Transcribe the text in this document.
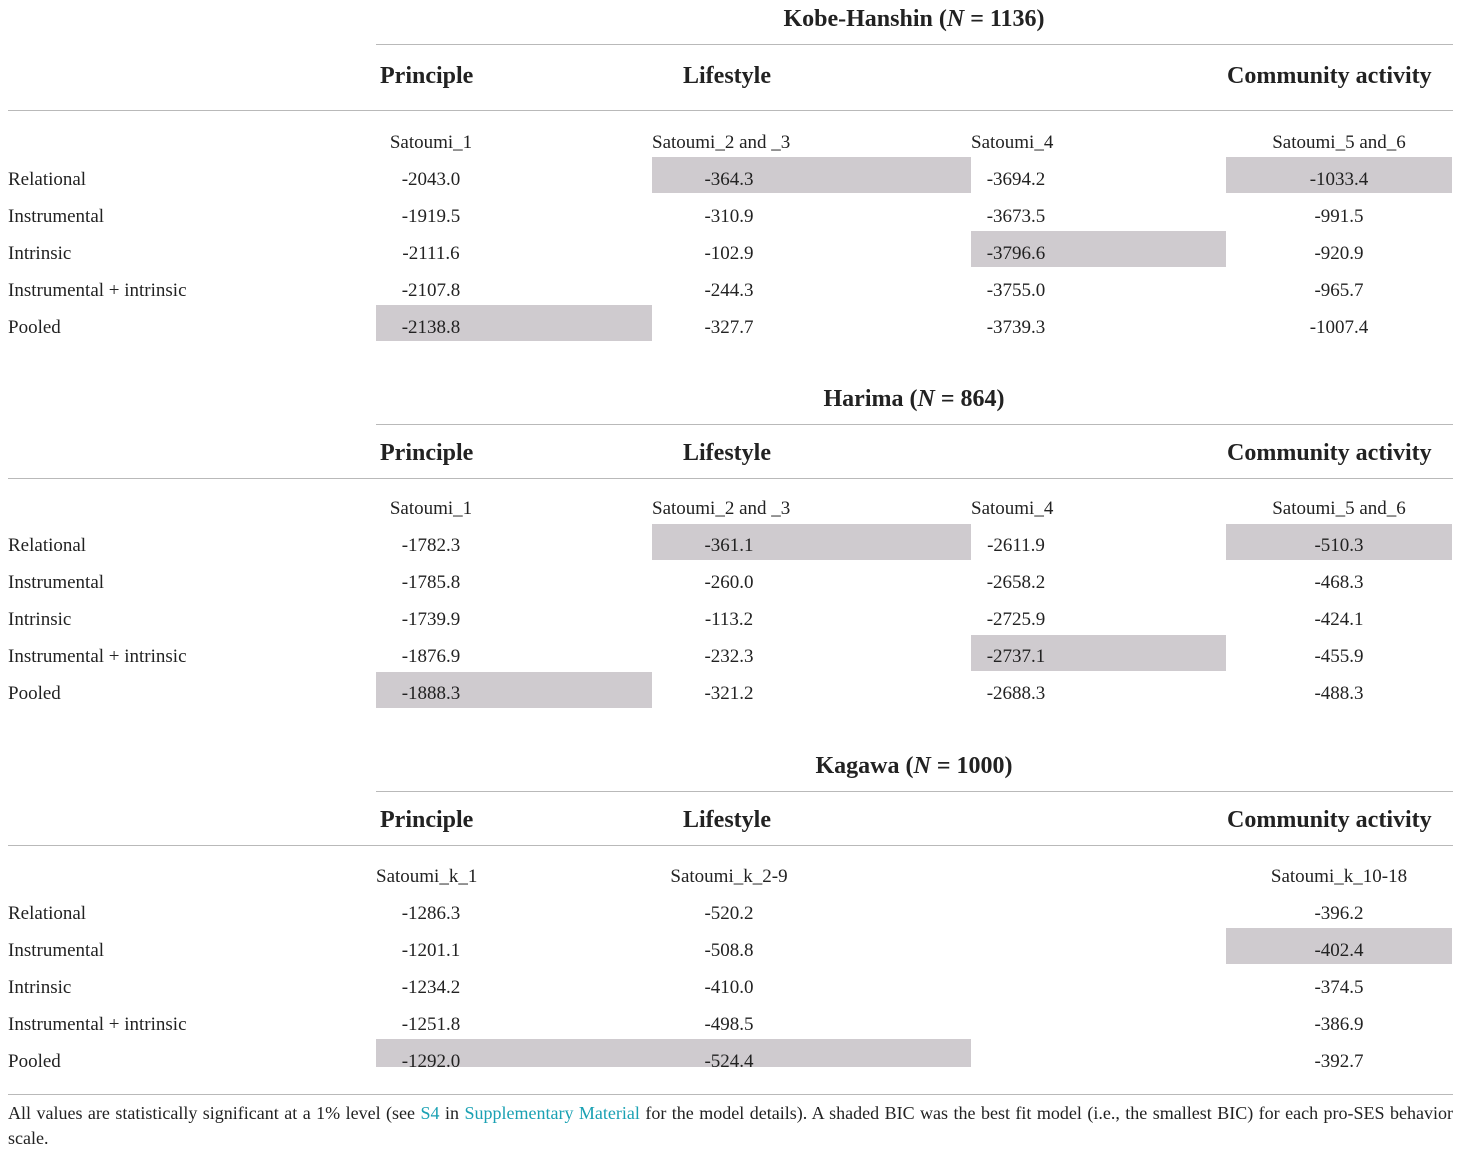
Kobe-Hanshin (N = 1136)
Principle	Lifestyle	Community activity
Satoumi_1	Satoumi_2 and _3	Satoumi_4	Satoumi_5 and_6
Relational	-2043.0	-364.3	-3694.2	-1033.4
Instrumental	-1919.5	-310.9	-3673.5	-991.5
Intrinsic	-2111.6	-102.9	-3796.6	-920.9
Instrumental + intrinsic	-2107.8	-244.3	-3755.0	-965.7
Pooled	-2138.8	-327.7	-3739.3	-1007.4
Harima (N = 864)
Principle	Lifestyle	Community activity
Satoumi_1	Satoumi_2 and _3	Satoumi_4	Satoumi_5 and_6
Relational	-1782.3	-361.1	-2611.9	-510.3
Instrumental	-1785.8	-260.0	-2658.2	-468.3
Intrinsic	-1739.9	-113.2	-2725.9	-424.1
Instrumental + intrinsic	-1876.9	-232.3	-2737.1	-455.9
Pooled	-1888.3	-321.2	-2688.3	-488.3
Kagawa (N = 1000)
Principle	Lifestyle	Community activity
Satoumi_k_1	Satoumi_k_2-9	Satoumi_k_10-18
Relational	-1286.3	-520.2	-396.2
Instrumental	-1201.1	-508.8	-402.4
Intrinsic	-1234.2	-410.0	-374.5
Instrumental + intrinsic	-1251.8	-498.5	-386.9
Pooled	-1292.0	-524.4	-392.7
All values are statistically significant at a 1% level (see S4 in Supplementary Material for the model details). A shaded BIC was the best fit model (i.e., the smallest BIC) for each pro-SES behavior scale.
